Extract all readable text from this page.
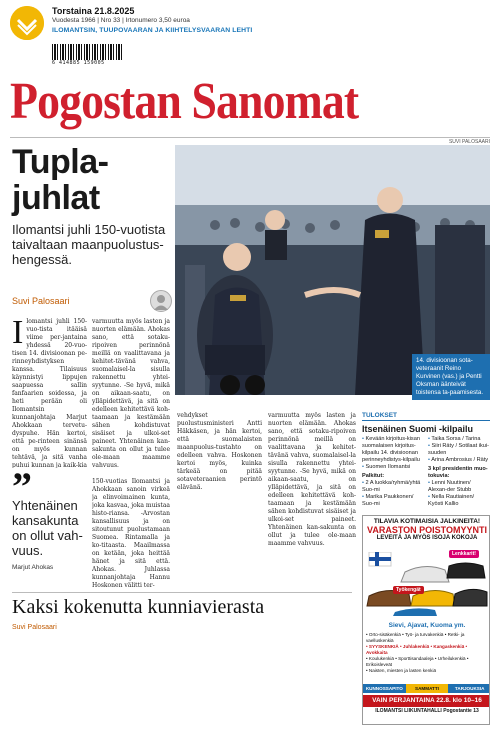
Torstaina 21.8.2025
Vuodesta 1966 | Nro 33 | Irtonumero 3,50 euroa
ILOMANTSIN, TUUPOVAARAN JA KIIHTELYSVAARAN LEHTI
6 414885 159005
Pogostan Sanomat
SUVI PALOSAARI
Tupla-
juhlat
Ilomantsi juhli 150-vuotista taivaltaan maanpuolustus-hengessä.
Suvi Palosaari
14. divisioonan sota-veteraanit Reino Kurvinen (vas.) ja Pentti Oksman äänteivät toistensa ta-paamisesta.
I lomantsi juhli 150-vuo-tista itääisä viime per-jantaina yhdessä 20-vuo-tisen 14. divisioonan pe-rinneyhdistyksen kanssa. Tilaisuus käynnistyi lippujen saapuessa sallin fanfaarien soidessa, ja heti perään oli Ilomantsin kunnanjohtaja Marjut Ahokkaan tervetu-dyspuhe. Hän kertoi, että pe-rinteen sinänsä on myös kunnan tehtävä, ja sitä vanha puhui kunnan ja kaik-kia
varmuutta myös lasten ja nuorten elämään. Ahokas sano, että sotaku-ripoiven perinnönä meillä on vaalittavana ja kehitet-tävänä vahva, suomalaisel-la sisulla rakennettu yhtei-syytunne. -Se hyvä, mikä on aikaan-saatu, on ylläpidettävä, ja sitä on edelleen kehitettävä koh-taamaan ja kestämään sähen kohdistuvat sisäiset ja ulkoi-set paineet. Yhtenäinen kan-sakunta on ollut ja tulee ole-maan maamme vahvuus.

150-vuotias Ilomantsi ja Ahokkaan sanoin virkeä ja elinvoimainen kunta, joka kasvaa, joka muistaa histo-riansa. -Arvostan kansallisuus ja on sitoutunut puolustamaan Suomea. Rintamalla ja ko-titaasta. Maailmassa on ketään, joka heittää hänet ja sitä että. Ahokas. Juhlassa kunnanjohtaja Hannu Hoskonen välitti ter-
vehdykset puolustusministeri Antti Häkkäsen, ja hän kertoi, että suomalaisten maanpuolus-tustahto on edelleen vahva. Hoskonen kertoi myös, kuinka tärkeää on pitää sotaveteraanien perintö elävänä.
varmuutta myös lasten ja nuorten elämään. Ahokas sano, että sotaku-ripoiven perinnönä meillä on vaalittavana ja kehitet-tävänä vahva, suomalaisel-la sisulla rakennettu yhtei-syytunne. -Se hyvä, mikä on aikaan-saatu, on ylläpidettävä, ja sitä on edelleen kehitettävä koh-taamaan ja kestämään sähen kohdistuvat sisäiset ja ulkoi-set paineet. Yhtenäinen kan-sakunta on ollut ja tulee ole-maan maamme vahvuus.
”
Yhtenäinen kansakunta on ollut vah-vuus.
Marjut Ahokas
TULOKSET
Itsenäinen Suomi -kilpailu
• Kevään kirjoitus-kisan suomalaisen kirjoitus-kilpailu 14. divisioonan perinneyhdistys-kilpailu
• Suomen Ilomantsi
Palkitut:
• 2 A luokka/ryhmä/yhtä Suo-mi
• Marika Paukkonen/ Suo-mi
• Taika Sorsa / Tarina
• Siiri Räty / Sotilaat ikui-suuden
• Arina Ambrosius / Räty
3 kpl presidentin muo-tokuvia:
• Lenni Nuutinen/ Alexan-der Stubb
• Nella Rautiainen/ Kyösti Kallio
TILAVIA KOTIMAISIA JALKINEITA!
VARASTON POISTOMYYNTI
LEVEITÄ JA MYÖS ISOJA KOKOJA
Lenkkarit!
Työkengät
Sievi, Ajavat, Kuoma ym.
• Orto-sisäkenkiä • Työ- ja turvakenkiä • Retki- ja vaelluskenkiä
• SYYSKENKIÄ • Juhlakenkiä • Kangaskenkiä • Avokkaita
• Koulukenkiä • Sporttisandaaleja • Urheilukenkiä • Erikoisleveät
• Naisten, miesten ja lasten kenkiä
KUNNOSSAPITO	SAMMATTI	TARJOUKSIA
VAIN PERJANTAINA 22.8. klo 10–16
ILOMANTSI LIIKUNTAHALLI Pogostantie 13
Kaksi kokenutta kunniavierasta
Suvi Palosaari
